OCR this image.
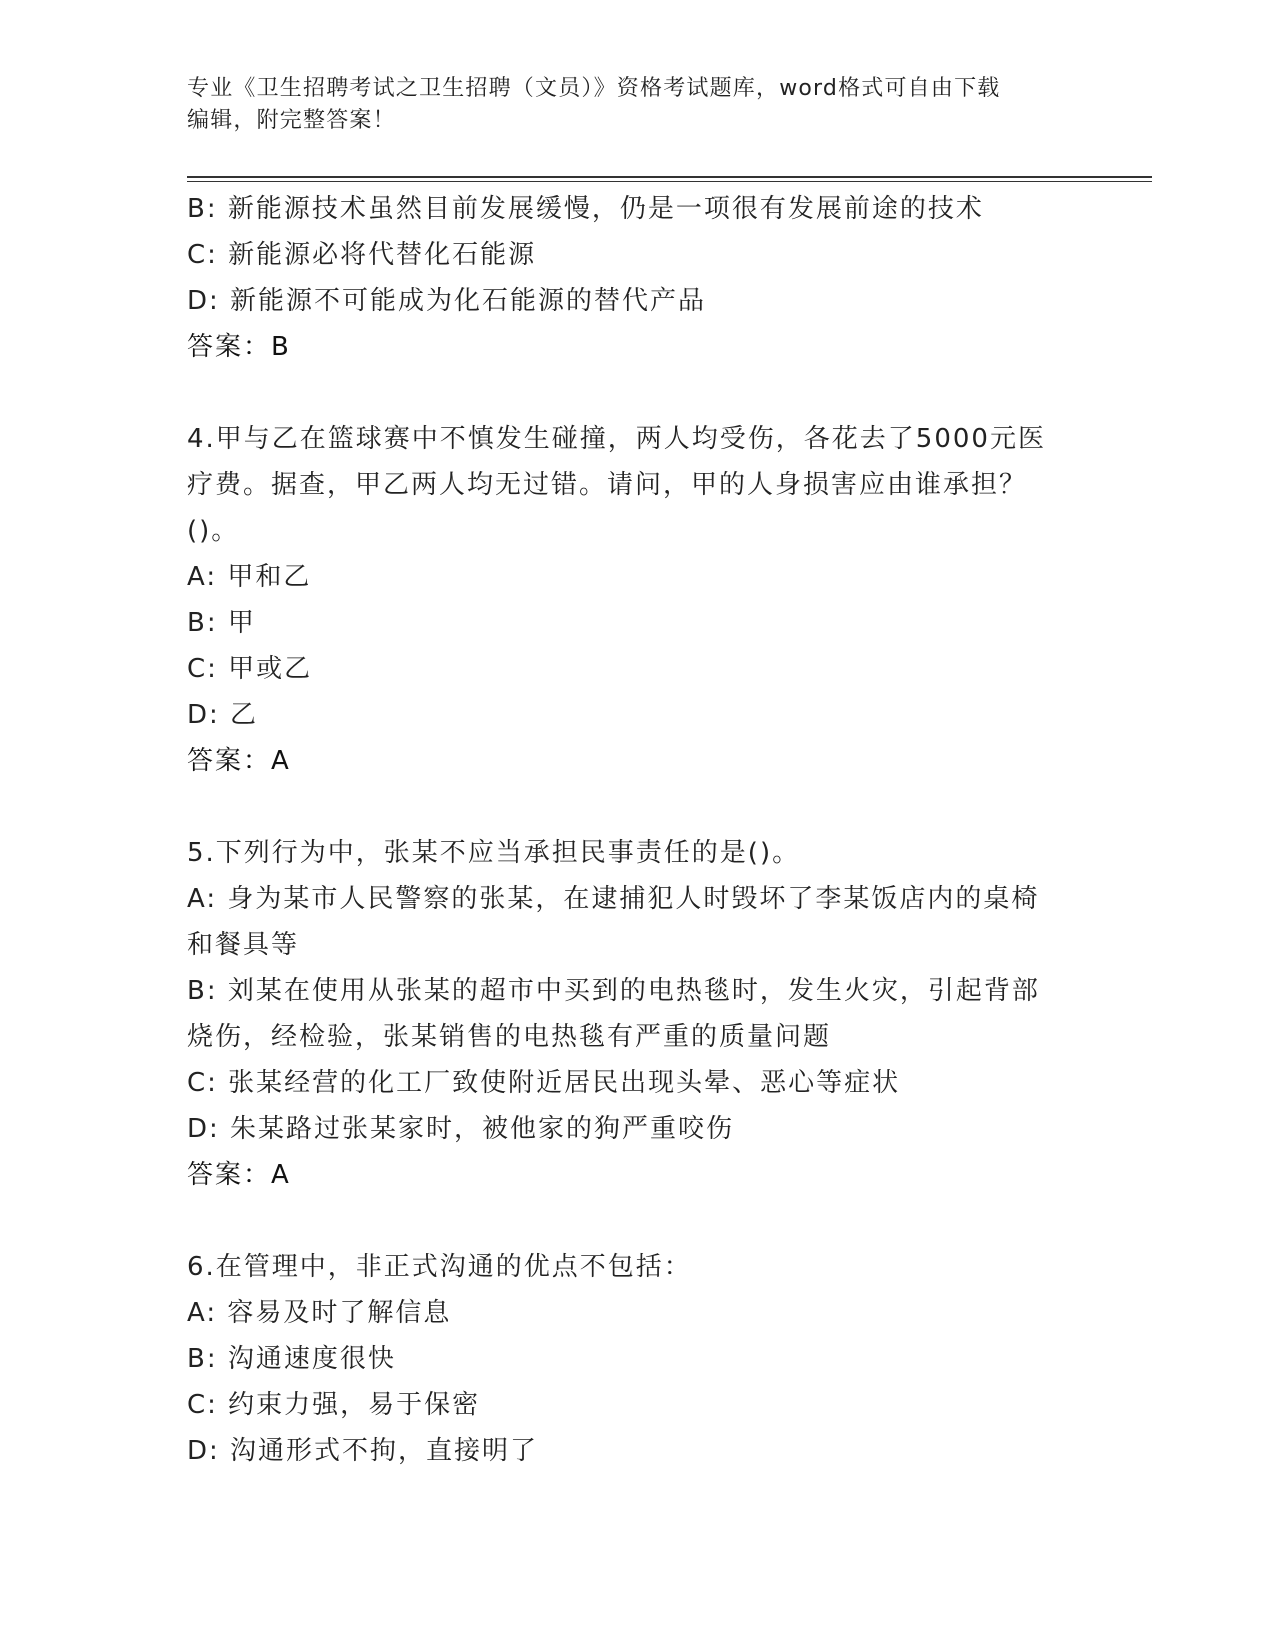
专业《卫生招聘考试之卫生招聘（文员）》资格考试题库，word格式可自由下载
编辑，附完整答案！
B: 新能源技术虽然目前发展缓慢，仍是一项很有发展前途的技术
C: 新能源必将代替化石能源
D: 新能源不可能成为化石能源的替代产品
答案：B
4.甲与乙在篮球赛中不慎发生碰撞，两人均受伤，各花去了5000元医
疗费。据查，甲乙两人均无过错。请问，甲的人身损害应由谁承担？
()。
A: 甲和乙
B: 甲
C: 甲或乙
D: 乙
答案：A
5.下列行为中，张某不应当承担民事责任的是()。
A: 身为某市人民警察的张某，在逮捕犯人时毁坏了李某饭店内的桌椅
和餐具等
B: 刘某在使用从张某的超市中买到的电热毯时，发生火灾，引起背部
烧伤，经检验，张某销售的电热毯有严重的质量问题
C: 张某经营的化工厂致使附近居民出现头晕、恶心等症状
D: 朱某路过张某家时，被他家的狗严重咬伤
答案：A
6.在管理中，非正式沟通的优点不包括：
A: 容易及时了解信息
B: 沟通速度很快
C: 约束力强，易于保密
D: 沟通形式不拘，直接明了
